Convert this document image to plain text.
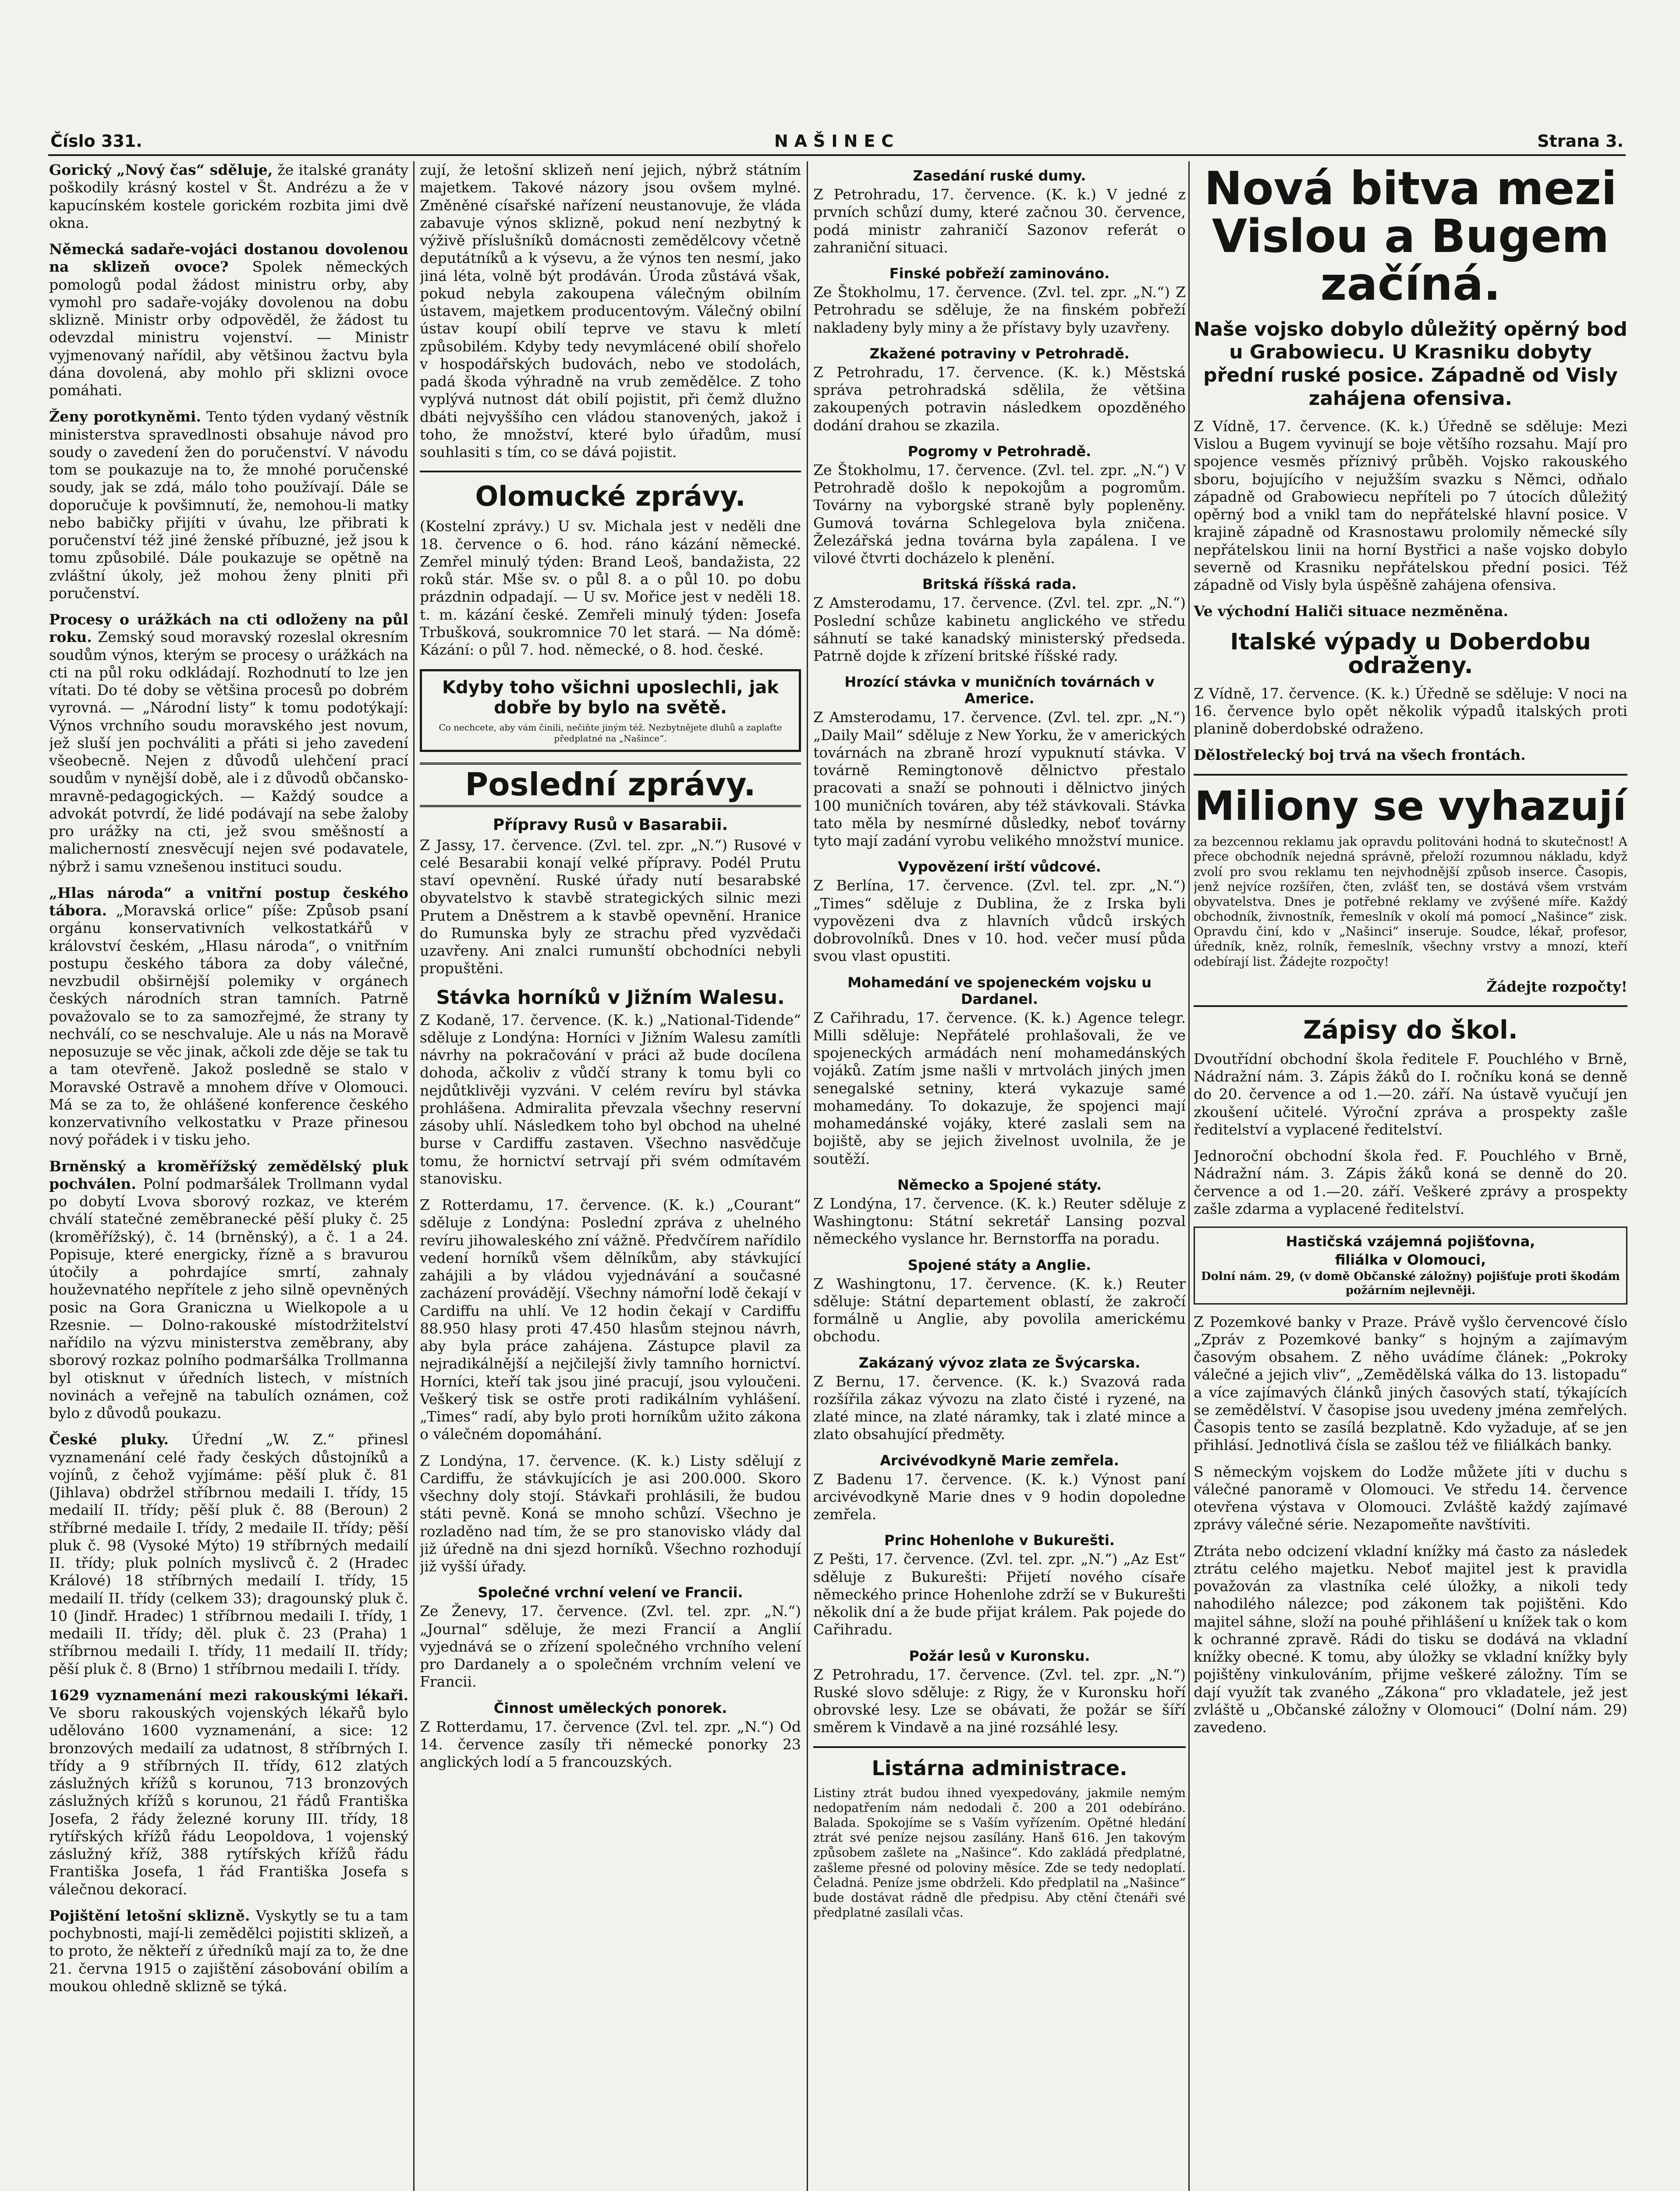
Číslo 331.	NAŠINEC	Strana 3.

Gorický „Nový čas“ sděluje, že italské granáty poškodily krásný kostel v Št. Andrézu a že v kapucínském kostele gorickém rozbita jimi dvě okna.

Německá sadaře-vojáci dostanou dovolenou na sklizeň ovoce? Spolek německých pomologů podal žádost ministru orby, aby vymohl pro sadaře-vojáky dovolenou na dobu sklizně. Ministr orby odpověděl, že žádost tu odevzdal ministru vojenství. — Ministr vyjmenovaný nařídil, aby většinou žactvu byla dána dovolená, aby mohlo při sklizni ovoce pomáhati.

Ženy porotkyněmi. Tento týden vydaný věstník ministerstva spravedlnosti obsahuje návod pro soudy o zavedení žen do poručenství. V návodu tom se poukazuje na to, že mnohé poručenské soudy, jak se zdá, málo toho používají. Dále se doporučuje k povšimnutí, že, nemohou-li matky nebo babičky přijíti v úvahu, lze přibrati k poručenství též jiné ženské příbuzné, jež jsou k tomu způsobilé. Dále poukazuje se opětně na zvláštní úkoly, jež mohou ženy plniti při poručenství.

Procesy o urážkách na cti odloženy na půl roku. Zemský soud moravský rozeslal okresním soudům výnos, kterým se procesy o urážkách na cti na půl roku odkládají. Rozhodnutí to lze jen vítati. Do té doby se většina procesů po dobrém vyrovná. — „Národní listy“ k tomu podotýkají: Výnos vrchního soudu moravského jest novum, jež sluší jen pochváliti a přáti si jeho zavedení všeobecně. Nejen z důvodů ulehčení prací soudům v nynější době, ale i z důvodů občansko-mravně-pedagogických. — Každý soudce a advokát potvrdí, že lidé podávají na sebe žaloby pro urážky na cti, jež svou směšností a malicherností znesvěcují nejen své podavatele, nýbrž i samu vznešenou instituci soudu.

„Hlas národa“ a vnitřní postup českého tábora. „Moravská orlice“ píše: Způsob psaní orgánu konservativních velkostatkářů v království českém, „Hlasu národa“, o vnitřním postupu českého tábora za doby válečné, nevzbudil obširnější polemiky v orgánech českých národních stran tamních. Patrně považovalo se to za samozřejmé, že strany ty nechválí, co se neschvaluje. Ale u nás na Moravě neposuzuje se věc jinak, ačkoli zde děje se tak tu a tam otevřeně. Jakož posledně se stalo v Moravské Ostravě a mnohem dříve v Olomouci. Má se za to, že ohlášené konference českého konzervativního velkostatku v Praze přinesou nový pořádek i v tisku jeho.

Brněnský a kroměřížský zemědělský pluk pochválen. Polní podmaršálek Trollmann vydal po dobytí Lvova sborový rozkaz, ve kterém chválí statečné zeměbranecké pěší pluky č. 25 (kroměřížský), č. 14 (brněnský), a č. 1 a 24. Popisuje, které energicky, řízně a s bravurou útočily a pohrdajíce smrtí, zahnaly houževnatého nepřítele z jeho silně opevněných posic na Gora Graniczna u Wielkopole a u Rzesnie. — Dolno-rakouské místodržitelství nařídilo na výzvu ministerstva zeměbrany, aby sborový rozkaz polního podmaršálka Trollmanna byl otisknut v úředních listech, v místních novinách a veřejně na tabulích oznámen, což bylo z důvodů poukazu.

České pluky. Úřední „W. Z.“ přinesl vyznamenání celé řady českých důstojníků a vojínů, z čehož vyjímáme: pěší pluk č. 81 (Jihlava) obdržel stříbrnou medaili I. třídy, 15 medailí II. třídy; pěší pluk č. 88 (Beroun) 2 stříbrné medaile I. třídy, 2 medaile II. třídy; pěší pluk č. 98 (Vysoké Mýto) 19 stříbrných medailí II. třídy; pluk polních myslivců č. 2 (Hradec Králové) 18 stříbrných medailí I. třídy, 15 medailí II. třídy (celkem 33); dragounský pluk č. 10 (Jindř. Hradec) 1 stříbrnou medaili I. třídy, 1 medaili II. třídy; děl. pluk č. 23 (Praha) 1 stříbrnou medaili I. třídy, 11 medailí II. třídy; pěší pluk č. 8 (Brno) 1 stříbrnou medaili I. třídy.

1629 vyznamenání mezi rakouskými lékaři. Ve sboru rakouských vojenských lékařů bylo udělováno 1600 vyznamenání, a sice: 12 bronzových medailí za udatnost, 8 stříbrných I. třídy a 9 stříbrných II. třídy, 612 zlatých záslužných křížů s korunou, 713 bronzových záslužných křížů s korunou, 21 řádů Františka Josefa, 2 řády železné koruny III. třídy, 18 rytířských křížů řádu Leopoldova, 1 vojenský záslužný kříž, 388 rytířských křížů řádu Františka Josefa, 1 řád Františka Josefa s válečnou dekorací.

Pojištění letošní sklizně. Vyskytly se tu a tam pochybnosti, mají-li zemědělci pojistiti sklizeň, a to proto, že někteří z úředníků mají za to, že dne 21. června 1915 o zajištění zásobování obilím a moukou ohledně sklizně se týká.

zují, že letošní sklizeň není jejich, nýbrž státním majetkem. Takové názory jsou ovšem mylné. Změněné císařské nařízení neustanovuje, že vláda zabavuje výnos sklizně, pokud není nezbytný k výživě příslušníků domácnosti zemědělcovy včetně deputátníků a k výsevu, a že výnos ten nesmí, jako jiná léta, volně být prodáván. Úroda zůstává však, pokud nebyla zakoupena válečným obilním ústavem, majetkem producentovým. Válečný obilní ústav koupí obilí teprve ve stavu k mletí způsobilém. Kdyby tedy nevymlácené obilí shořelo v hospodářských budovách, nebo ve stodolách, padá škoda výhradně na vrub zemědělce. Z toho vyplývá nutnost dát obilí pojistit, při čemž dlužno dbáti nejvyššího cen vládou stanovených, jakož i toho, že množství, které bylo úřadům, musí souhlasiti s tím, co se dává pojistit.

Olomucké zprávy.

(Kostelní zprávy.) U sv. Michala jest v neděli dne 18. července o 6. hod. ráno kázání německé. Zemřel minulý týden: Brand Leoš, bandažista, 22 roků stár. Mše sv. o půl 8. a o půl 10. po dobu prázdnin odpadají. — U sv. Mořice jest v neděli 18. t. m. kázání české. Zemřeli minulý týden: Josefa Trbušková, soukromnice 70 let stará. — Na dómě: Kázání: o půl 7. hod. německé, o 8. hod. české.

Kdyby toho všichni uposlechli, jak dobře by bylo na světě.
Co nechcete, aby vám činili, nečiňte jiným též. Nezbytnějete dluhů a zaplaťte předplatné na „Našince“.
Poslední zprávy.
Přípravy Rusů v Basarabii.

Z Jassy, 17. července. (Zvl. tel. zpr. „N.“) Rusové v celé Besarabii konají velké přípravy. Podél Prutu staví opevnění. Ruské úřady nutí besarabské obyvatelstvo k stavbě strategických silnic mezi Prutem a Dněstrem a k stavbě opevnění. Hranice do Rumunska byly ze strachu před vyzvědači uzavřeny. Ani znalci rumunští obchodníci nebyli propuštěni.

Stávka horníků v Jižním Walesu.

Z Kodaně, 17. července. (K. k.) „National-Tidende“ sděluje z Londýna: Horníci v Jižním Walesu zamítli návrhy na pokračování v práci až bude docílena dohoda, ačkoliv z vůdčí strany k tomu byli co nejdůtklivěji vyzváni. V celém revíru byl stávka prohlášena. Admiralita převzala všechny reservní zásoby uhlí. Následkem toho byl obchod na uhelné burse v Cardiffu zastaven. Všechno nasvědčuje tomu, že hornictví setrvají při svém odmítavém stanovisku.

Z Rotterdamu, 17. července. (K. k.) „Courant“ sděluje z Londýna: Poslední zpráva z uhelného revíru jihowaleského zní vážně. Předvčírem nařídilo vedení horníků všem dělníkům, aby stávkující zahájili a by vládou vyjednávání a současné zacházení provádějí. Všechny námořní lodě čekají v Cardiffu na uhlí. Ve 12 hodin čekají v Cardiffu 88.950 hlasy proti 47.450 hlasům stejnou návrh, aby byla práce zahájena. Zástupce plavil za nejradikálnější a nejčilejší živly tamního hornictví. Horníci, kteří tak jsou jiné pracují, jsou vyloučeni. Veškerý tisk se ostře proti radikálním vyhlášení. „Times“ radí, aby bylo proti horníkům užito zákona o válečném dopomáhání.

Z Londýna, 17. července. (K. k.) Listy sdělují z Cardiffu, že stávkujících je asi 200.000. Skoro všechny doly stojí. Stávkaři prohlásili, že budou státi pevně. Koná se mnoho schůzí. Všechno je rozladěno nad tím, že se pro stanovisko vlády dal již úředně na dni sjezd horníků. Všechno rozhodují již vyšší úřady.

Společné vrchní velení ve Francii.

Ze Ženevy, 17. července. (Zvl. tel. zpr. „N.“) „Journal“ sděluje, že mezi Francií a Anglií vyjednává se o zřízení společného vrchního velení pro Dardanely a o společném vrchním velení ve Francii.

Činnost uměleckých ponorek.

Z Rotterdamu, 17. července (Zvl. tel. zpr. „N.“) Od 14. července zasíly tři německé ponorky 23 anglických lodí a 5 francouzských.

Zasedání ruské dumy.

Z Petrohradu, 17. července. (K. k.) V jedné z prvních schůzí dumy, které začnou 30. července, podá ministr zahraničí Sazonov referát o zahraniční situaci.

Finské pobřeží zaminováno.

Ze Štokholmu, 17. července. (Zvl. tel. zpr. „N.“) Z Petrohradu se sděluje, že na finském pobřeží nakladeny byly miny a že přístavy byly uzavřeny.

Zkažené potraviny v Petrohradě.

Z Petrohradu, 17. července. (K. k.) Městská správa petrohradská sdělila, že většina zakoupených potravin následkem opozděného dodání drahou se zkazila.

Pogromy v Petrohradě.

Ze Štokholmu, 17. července. (Zvl. tel. zpr. „N.“) V Petrohradě došlo k nepokojům a pogromům. Továrny na vyborgské straně byly popleněny. Gumová továrna Schlegelova byla zničena. Železářská jedna továrna byla zapálena. I ve vilové čtvrti docházelo k plenění.

Britská říšská rada.

Z Amsterodamu, 17. července. (Zvl. tel. zpr. „N.“) Poslední schůze kabinetu anglického ve středu sáhnutí se také kanadský ministerský předseda. Patrně dojde k zřízení britské říšské rady.

Hrozící stávka v muničních továrnách v Americe.

Z Amsterodamu, 17. července. (Zvl. tel. zpr. „N.“) „Daily Mail“ sděluje z New Yorku, že v amerických továrnách na zbraně hrozí vypuknutí stávka. V továrně Remingtonově dělnictvo přestalo pracovati a snaží se pohnouti i dělnictvo jiných 100 muničních továren, aby též stávkovali. Stávka tato měla by nesmírné důsledky, neboť továrny tyto mají zadání vyrobu velikého množství munice.

Vypovězení irští vůdcové.

Z Berlína, 17. července. (Zvl. tel. zpr. „N.“) „Times“ sděluje z Dublina, že z Irska byli vypovězeni dva z hlavních vůdců irských dobrovolníků. Dnes v 10. hod. večer musí půda svou vlast opustiti.

Mohamedání ve spojeneckém vojsku u Dardanel.

Z Cařihradu, 17. července. (K. k.) Agence telegr. Milli sděluje: Nepřátelé prohlašovali, že ve spojeneckých armádách není mohamedánských vojáků. Zatím jsme našli v mrtvolách jiných jmen senegalské setniny, která vykazuje samé mohamedány. To dokazuje, že spojenci mají mohamedánské vojáky, které zaslali sem na bojiště, aby se jejich živelnost uvolnila, že je soutěží.

Německo a Spojené státy.

Z Londýna, 17. července. (K. k.) Reuter sděluje z Washingtonu: Státní sekretář Lansing pozval německého vyslance hr. Bernstorffa na poradu.

Spojené státy a Anglie.

Z Washingtonu, 17. července. (K. k.) Reuter sděluje: Státní departement oblastí, že zakročí formálně u Anglie, aby povolila americkému obchodu.

Zakázaný vývoz zlata ze Švýcarska.

Z Bernu, 17. července. (K. k.) Svazová rada rozšířila zákaz vývozu na zlato čisté i ryzené, na zlaté mince, na zlaté náramky, tak i zlaté mince a zlato obsahující předměty.

Arcivévodkyně Marie zemřela.

Z Badenu 17. července. (K. k.) Výnost paní arcivévodkyně Marie dnes v 9 hodin dopoledne zemřela.

Princ Hohenlohe v Bukurešti.

Z Pešti, 17. července. (Zvl. tel. zpr. „N.“) „Az Est“ sděluje z Bukurešti: Přijetí nového císaře německého prince Hohenlohe zdrží se v Bukurešti několik dní a že bude přijat králem. Pak pojede do Cařihradu.

Požár lesů v Kuronsku.

Z Petrohradu, 17. července. (Zvl. tel. zpr. „N.“) Ruské slovo sděluje: z Rigy, že v Kuronsku hoří obrovské lesy. Lze se obávati, že požár se šíří směrem k Vindavě a na jiné rozsáhlé lesy.

Listárna administrace.

Listiny ztrát budou ihned vyexpedovány, jakmile nemým nedopatřením nám nedodali č. 200 a 201 odebíráno. Balada. Spokojíme se s Vaším vyřízením. Opětné hledání ztrát své peníze nejsou zasílány. Hanš 616. Jen takovým způsobem zašlete na „Našince“. Kdo zakládá předplatné, zašleme přesné od poloviny měsíce. Zde se tedy nedoplatí. Čeladná. Peníze jsme obdrželi. Kdo předplatil na „Našince“ bude dostávat rádně dle předpisu. Aby ctění čtenáři své předplatné zasílali včas.

Nová bitva mezi Vislou a Bugem začíná.
Naše vojsko dobylo důležitý opěrný bod u Grabowiecu. U Krasniku dobyty přední ruské posice. Západně od Visly zahájena ofensiva.

Z Vídně, 17. července. (K. k.) Úředně se sděluje: Mezi Vislou a Bugem vyvinují se boje většího rozsahu. Mají pro spojence vesměs příznivý průběh. Vojsko rakouského sboru, bojujícího v nejužším svazku s Němci, odňalo západně od Grabowiecu nepříteli po 7 útocích důležitý opěrný bod a vnikl tam do nepřátelské hlavní posice. V krajině západně od Krasnostawu prolomily německé síly nepřátelskou linii na horní Bystřici a naše vojsko dobylo severně od Krasniku nepřátelskou přední posici. Též západně od Visly byla úspěšně zahájena ofensiva.

Ve východní Haliči situace nezměněna.

Italské výpady u Doberdobu odraženy.

Z Vídně, 17. července. (K. k.) Úředně se sděluje: V noci na 16. července bylo opět několik výpadů italských proti planině doberdobské odraženo.

Dělostřelecký boj trvá na všech frontách.

Miliony se vyhazují

za bezcennou reklamu jak opravdu politováni hodná to skutečnost! A přece obchodník nejedná správně, přeloží rozumnou nákladu, když zvolí pro svou reklamu ten nejvhodnější způsob inserce. Časopis, jenž nejvíce rozšířen, čten, zvlášť ten, se dostává všem vrstvám obyvatelstva. Dnes je potřebné reklamy ve zvýšené míře. Každý obchodník, živnostník, řemeslník v okolí má pomocí „Našince“ zisk. Opravdu činí, kdo v „Našinci“ inseruje. Soudce, lékař, profesor, úředník, kněz, rolník, řemeslník, všechny vrstvy a mnozí, kteří odebírají list. Žádejte rozpočty!

Žádejte rozpočty!

Zápisy do škol.

Dvoutřídní obchodní škola ředitele F. Pouchlého v Brně, Nádražní nám. 3. Zápis žáků do I. ročníku koná se denně do 20. července a od 1.—20. září. Na ústavě vyučují jen zkoušení učitelé. Výroční zpráva a prospekty zašle ředitelství a vyplacené ředitelství.

Jednoroční obchodní škola řed. F. Pouchlého v Brně, Nádražní nám. 3. Zápis žáků koná se denně do 20. července a od 1.—20. září. Veškeré zprávy a prospekty zašle zdarma a vyplacené ředitelství.

Hastičská vzájemná pojišťovna,
filiálka v Olomouci,
Dolní nám. 29, (v domě Občanské záložny) pojišťuje proti škodám požárním nejlevněji.

Z Pozemkové banky v Praze. Právě vyšlo červencové číslo „Zpráv z Pozemkové banky“ s hojným a zajímavým časovým obsahem. Z něho uvádíme článek: „Pokroky válečné a jejich vliv“, „Zemědělská válka do 13. listopadu“ a více zajímavých článků jiných časových statí, týkajících se zemědělství. V časopise jsou uvedeny jména zemřelých. Časopis tento se zasílá bezplatně. Kdo vyžaduje, ať se jen přihlásí. Jednotlivá čísla se zašlou též ve filiálkách banky.

S německým vojskem do Lodže můžete jíti v duchu s válečné panoramě v Olomouci. Ve středu 14. července otevřena výstava v Olomouci. Zvláště každý zajímavé zprávy válečné série. Nezapomeňte navštíviti.

Ztráta nebo odcizení vkladní knížky má často za následek ztrátu celého majetku. Neboť majitel jest k pravidla považován za vlastníka celé úložky, a nikoli tedy nahodilého nálezce; pod zákonem tak pojištěni. Kdo majitel sáhne, složí na pouhé přihlášení u knížek tak o kom k ochranné zpravě. Rádi do tisku se dodává na vkladní knížky obecné. K tomu, aby úložky se vkladní knížky byly pojištěny vinkulováním, přijme veškeré záložny. Tím se dají využít tak zvaného „Zákona“ pro vkladatele, jež jest zvláště u „Občanské záložny v Olomouci“ (Dolní nám. 29) zavedeno.
